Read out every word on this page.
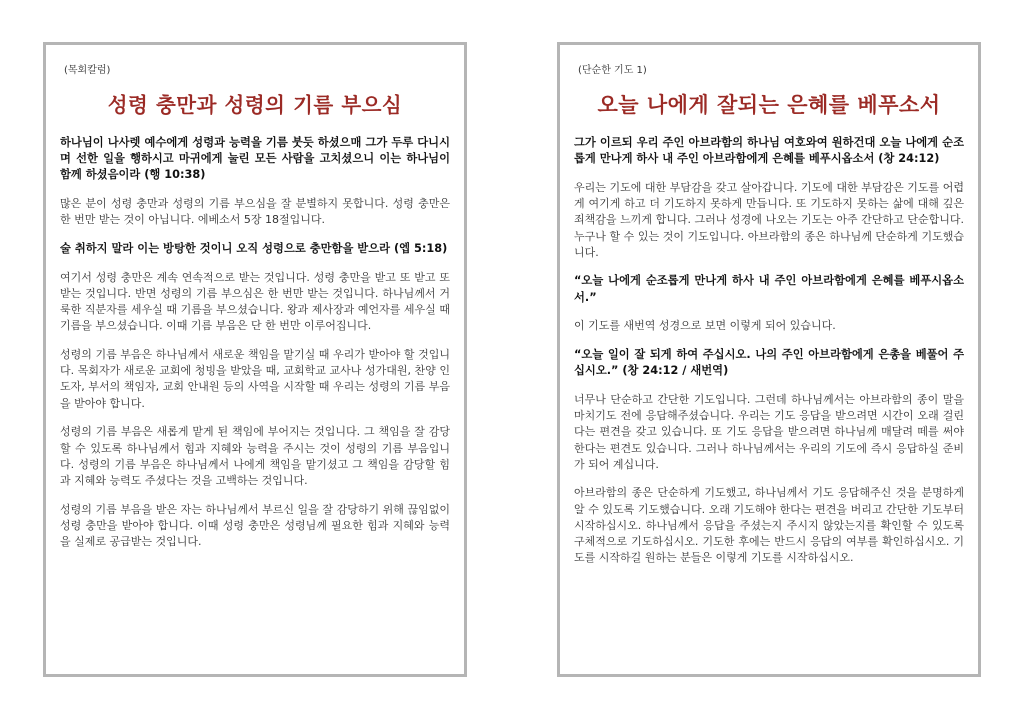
(목회칼럼)
성령 충만과 성령의 기름 부으심

하나님이 나사렛 예수에게 성령과 능력을 기름 붓듯 하셨으매 그가 두루 다니시며 선한 일을 행하시고 마귀에게 눌린 모든 사람을 고치셨으니 이는 하나님이 함께 하셨음이라 (행 10:38)

많은 분이 성령 충만과 성령의 기름 부으심을 잘 분별하지 못합니다. 성령 충만은 한 번만 받는 것이 아닙니다. 에베소서 5장 18절입니다.

술 취하지 말라 이는 방탕한 것이니 오직 성령으로 충만함을 받으라 (엡 5:18)

여기서 성령 충만은 계속 연속적으로 받는 것입니다. 성령 충만을 받고 또 받고 또 받는 것입니다. 반면 성령의 기름 부으심은 한 번만 받는 것입니다. 하나님께서 거룩한 직분자를 세우실 때 기름을 부으셨습니다. 왕과 제사장과 예언자를 세우실 때 기름을 부으셨습니다. 이때 기름 부음은 단 한 번만 이루어집니다.

성령의 기름 부음은 하나님께서 새로운 책임을 맡기실 때 우리가 받아야 할 것입니다. 목회자가 새로운 교회에 청빙을 받았을 때, 교회학교 교사나 성가대원, 찬양 인도자, 부서의 책임자, 교회 안내원 등의 사역을 시작할 때 우리는 성령의 기름 부음을 받아야 합니다.

성령의 기름 부음은 새롭게 맡게 된 책임에 부어지는 것입니다. 그 책임을 잘 감당할 수 있도록 하나님께서 힘과 지혜와 능력을 주시는 것이 성령의 기름 부음입니다. 성령의 기름 부음은 하나님께서 나에게 책임을 맡기셨고 그 책임을 감당할 힘과 지혜와 능력도 주셨다는 것을 고백하는 것입니다.

성령의 기름 부음을 받은 자는 하나님께서 부르신 일을 잘 감당하기 위해 끊임없이 성령 충만을 받아야 합니다. 이때 성령 충만은 성령님께 필요한 힘과 지혜와 능력을 실제로 공급받는 것입니다.

(단순한 기도 1)
오늘 나에게 잘되는 은혜를 베푸소서

그가 이르되 우리 주인 아브라함의 하나님 여호와여 원하건대 오늘 나에게 순조롭게 만나게 하사 내 주인 아브라함에게 은혜를 베푸시옵소서 (창 24:12)

우리는 기도에 대한 부담감을 갖고 살아갑니다. 기도에 대한 부담감은 기도를 어렵게 여기게 하고 더 기도하지 못하게 만듭니다. 또 기도하지 못하는 삶에 대해 깊은 죄책감을 느끼게 합니다. 그러나 성경에 나오는 기도는 아주 간단하고 단순합니다. 누구나 할 수 있는 것이 기도입니다. 아브라함의 종은 하나님께 단순하게 기도했습니다.

“오늘 나에게 순조롭게 만나게 하사 내 주인 아브라함에게 은혜를 베푸시옵소서.”

이 기도를 새번역 성경으로 보면 이렇게 되어 있습니다.

“오늘 일이 잘 되게 하여 주십시오. 나의 주인 아브라함에게 은총을 베풀어 주십시오.” (창 24:12 / 새번역)

너무나 단순하고 간단한 기도입니다. 그런데 하나님께서는 아브라함의 종이 말을 마치기도 전에 응답해주셨습니다. 우리는 기도 응답을 받으려면 시간이 오래 걸린다는 편견을 갖고 있습니다. 또 기도 응답을 받으려면 하나님께 매달려 떼를 써야 한다는 편견도 있습니다. 그러나 하나님께서는 우리의 기도에 즉시 응답하실 준비가 되어 계십니다.

아브라함의 종은 단순하게 기도했고, 하나님께서 기도 응답해주신 것을 분명하게 알 수 있도록 기도했습니다. 오래 기도해야 한다는 편견을 버리고 간단한 기도부터 시작하십시오. 하나님께서 응답을 주셨는지 주시지 않았는지를 확인할 수 있도록 구체적으로 기도하십시오. 기도한 후에는 반드시 응답의 여부를 확인하십시오. 기도를 시작하길 원하는 분들은 이렇게 기도를 시작하십시오.
